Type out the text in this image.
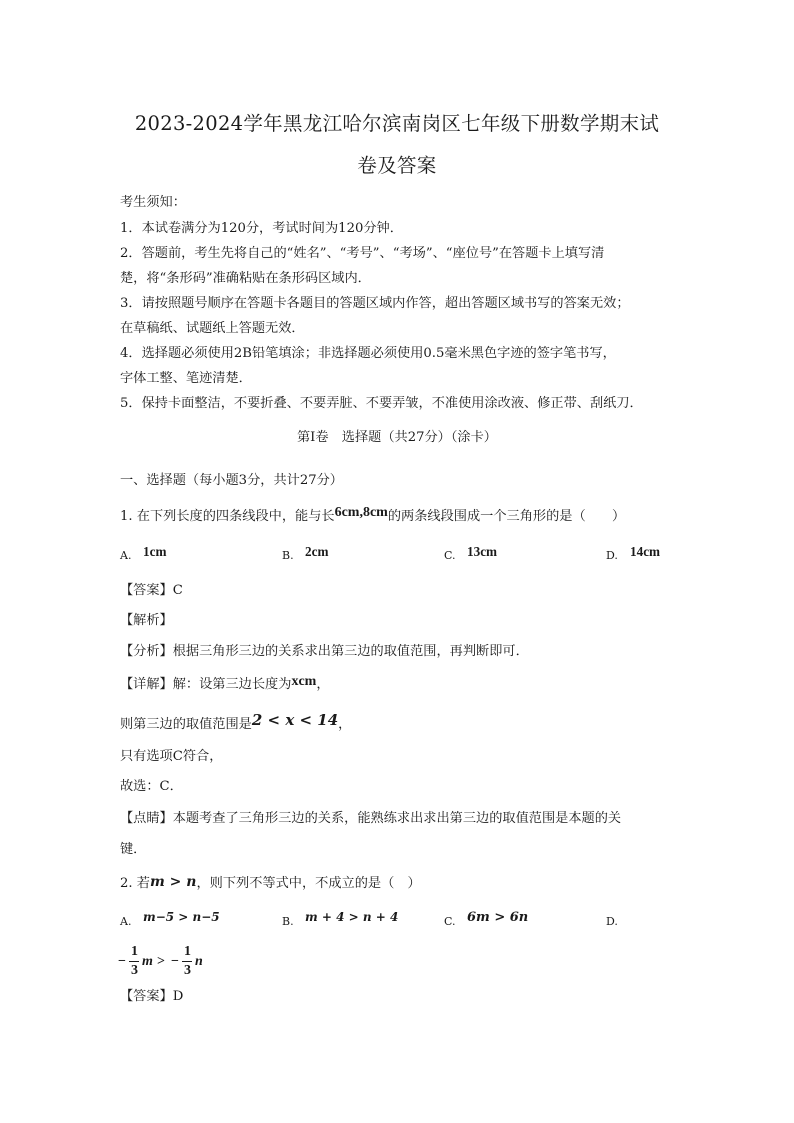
2023-2024学年黑龙江哈尔滨南岗区七年级下册数学期末试
卷及答案
考生须知：
1．本试卷满分为120分，考试时间为120分钟．
2．答题前，考生先将自己的“姓名”、“考号”、“考场”、“座位号”在答题卡上填写清
楚，将“条形码”准确粘贴在条形码区域内．
3．请按照题号顺序在答题卡各题目的答题区域内作答，超出答题区域书写的答案无效；
在草稿纸、试题纸上答题无效．
4．选择题必须使用2B铅笔填涂；非选择题必须使用0.5毫米黑色字迹的签字笔书写，
字体工整、笔迹清楚．
5．保持卡面整洁，不要折叠、不要弄脏、不要弄皱，不准使用涂改液、修正带、刮纸刀．
第Ⅰ卷　选择题（共27分）（涂卡）
一、选择题（每小题3分，共计27分）
1. 在下列长度的四条线段中，能与长6cm,8cm的两条线段围成一个三角形的是（　　）
A. 1cm	B. 2cm	C. 13cm	D. 14cm
【答案】C
【解析】
【分析】根据三角形三边的关系求出第三边的取值范围，再判断即可．
【详解】解：设第三边长度为xcm，
则第三边的取值范围是2 < x < 14，
只有选项C符合，
故选：C．
【点睛】本题考查了三角形三边的关系，能熟练求出求出第三边的取值范围是本题的关
键．
2. 若m > n，则下列不等式中，不成立的是（　）
A. m−5 > n−5	B. m + 4 > n + 4	C. 6m > 6n	D.
−
1
3
m > −
1
3
n
【答案】D
